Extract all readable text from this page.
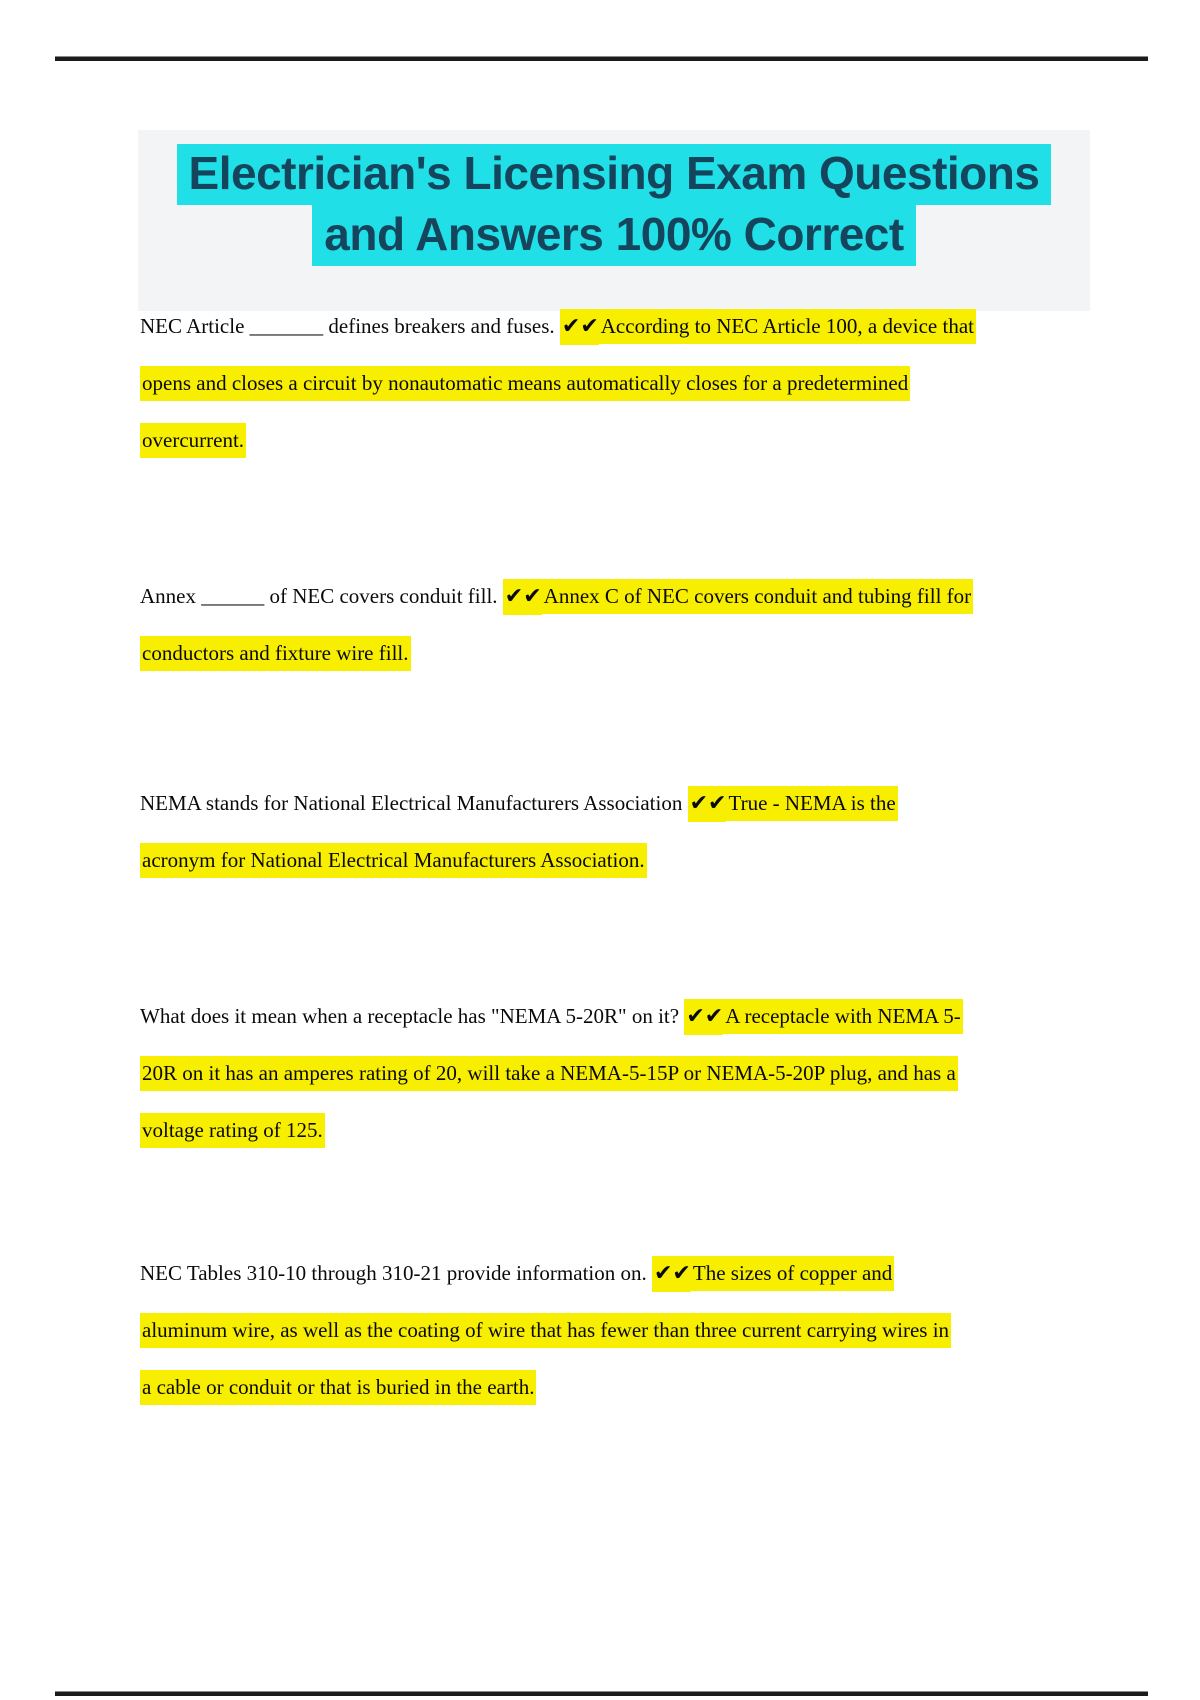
Electrician's Licensing Exam Questions
and Answers 100% Correct
NEC Article _______ defines breakers and fuses. ✔✔According to NEC Article 100, a device that
opens and closes a circuit by nonautomatic means automatically closes for a predetermined
overcurrent.
Annex ______ of NEC covers conduit fill. ✔✔Annex C of NEC covers conduit and tubing fill for
conductors and fixture wire fill.
NEMA stands for National Electrical Manufacturers Association ✔✔True - NEMA is the
acronym for National Electrical Manufacturers Association.
What does it mean when a receptacle has "NEMA 5-20R" on it? ✔✔A receptacle with NEMA 5-
20R on it has an amperes rating of 20, will take a NEMA-5-15P or NEMA-5-20P plug, and has a
voltage rating of 125.
NEC Tables 310-10 through 310-21 provide information on. ✔✔The sizes of copper and
aluminum wire, as well as the coating of wire that has fewer than three current carrying wires in
a cable or conduit or that is buried in the earth.
